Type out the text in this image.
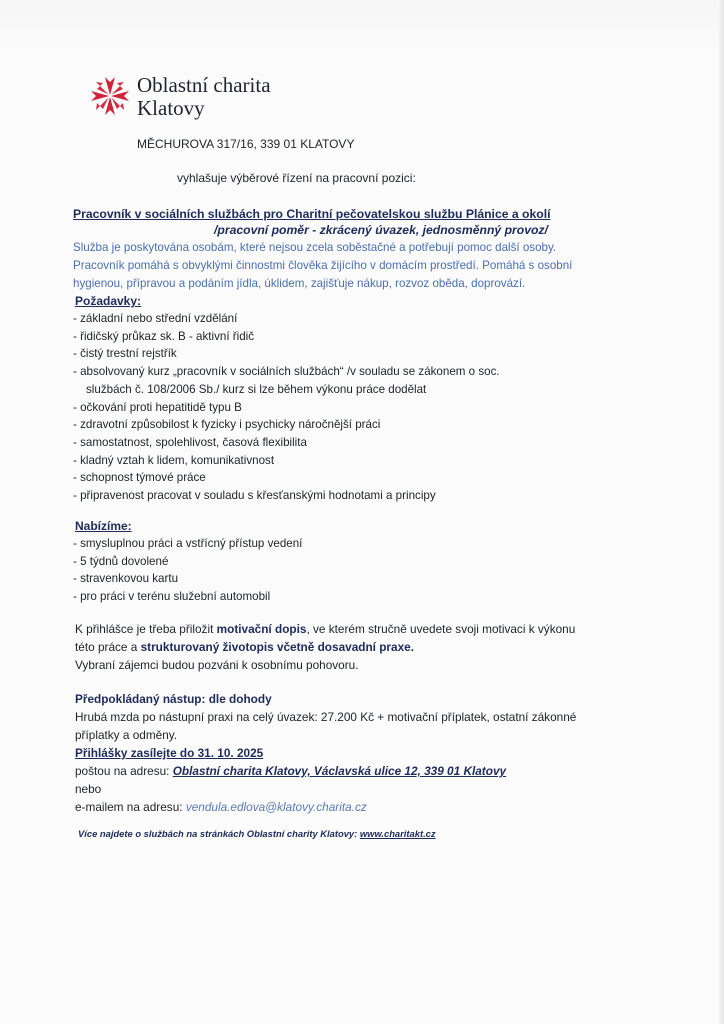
Oblastní charita
Klatovy
MĚCHUROVA 317/16, 339 01 KLATOVY
vyhlašuje výběrové řízení na pracovní pozici:
Pracovník v sociálních službách pro Charitní pečovatelskou službu Plánice a okolí
/pracovní poměr - zkrácený úvazek, jednosměnný provoz/
Služba je poskytována osobám, které nejsou zcela soběstačné a potřebují pomoc další osoby.
Pracovník pomáhá s obvyklými činnostmi člověka žijícího v domácím prostředí. Pomáhá s osobní
hygienou, přípravou a podáním jídla, úklidem, zajišťuje nákup, rozvoz oběda, doprovází.
Požadavky:
- základní nebo střední vzdělání
- řidičský průkaz sk. B - aktivní řidič
- čistý trestní rejstřík
- absolvovaný kurz „pracovník v sociálních službách“ /v souladu se zákonem o soc.
službách č. 108/2006 Sb./ kurz si lze během výkonu práce dodělat
- očkování proti hepatitidě typu B
- zdravotní způsobilost k fyzicky i psychicky náročnější práci
- samostatnost, spolehlivost, časová flexibilita
- kladný vztah k lidem, komunikativnost
- schopnost týmové práce
- připravenost pracovat v souladu s křesťanskými hodnotami a principy
Nabízíme:
- smysluplnou práci a vstřícný přístup vedení
- 5 týdnů dovolené
- stravenkovou kartu
- pro práci v terénu služební automobil
K přihlášce je třeba přiložit motivační dopis, ve kterém stručně uvedete svoji motivaci k výkonu
této práce a strukturovaný životopis včetně dosavadní praxe.
Vybraní zájemci budou pozváni k osobnímu pohovoru.
Předpokládaný nástup: dle dohody
Hrubá mzda po nástupní praxi na celý úvazek: 27.200 Kč + motivační příplatek, ostatní zákonné
příplatky a odměny.
Přihlášky zasílejte do 31. 10. 2025
poštou na adresu: Oblastní charita Klatovy, Václavská ulice 12, 339 01 Klatovy
nebo
e-mailem na adresu: vendula.edlova@klatovy.charita.cz
Více najdete o službách na stránkách Oblastní charity Klatovy: www.charitakt.cz
